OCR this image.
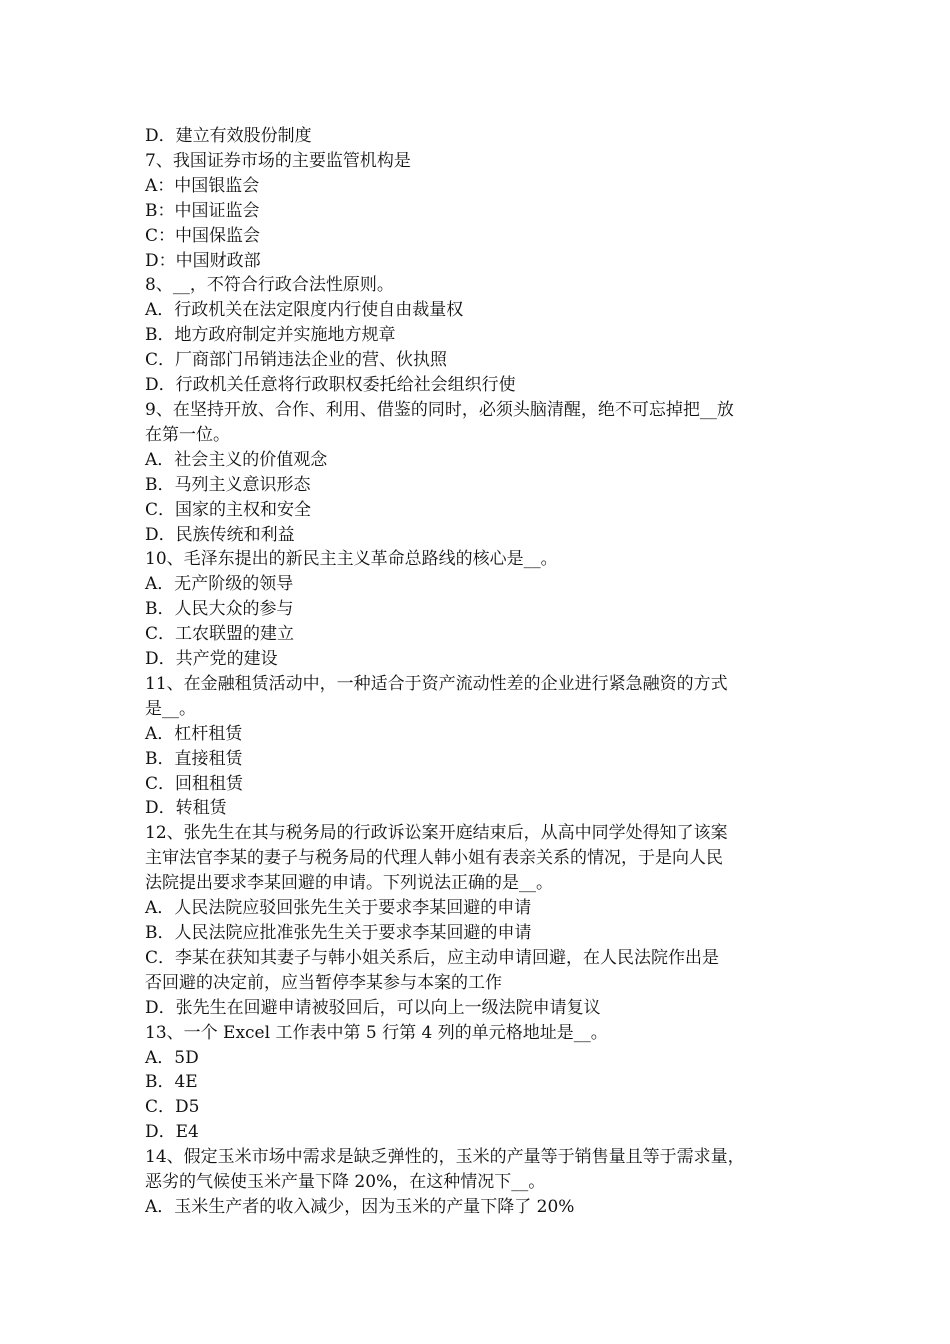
D．建立有效股份制度
7、我国证券市场的主要监管机构是
A：中国银监会
B：中国证监会
C：中国保监会
D：中国财政部
8、__，不符合行政合法性原则。
A．行政机关在法定限度内行使自由裁量权
B．地方政府制定并实施地方规章
C．厂商部门吊销违法企业的营、伙执照
D．行政机关任意将行政职权委托给社会组织行使
9、在坚持开放、合作、利用、借鉴的同时，必须头脑清醒，绝不可忘掉把__放
在第一位。
A．社会主义的价值观念
B．马列主义意识形态
C．国家的主权和安全
D．民族传统和利益
10、毛泽东提出的新民主主义革命总路线的核心是__。
A．无产阶级的领导
B．人民大众的参与
C．工农联盟的建立
D．共产党的建设
11、在金融租赁活动中，一种适合于资产流动性差的企业进行紧急融资的方式
是__。
A．杠杆租赁
B．直接租赁
C．回租租赁
D．转租赁
12、张先生在其与税务局的行政诉讼案开庭结束后，从高中同学处得知了该案
主审法官李某的妻子与税务局的代理人韩小姐有表亲关系的情况，于是向人民
法院提出要求李某回避的申请。下列说法正确的是__。
A．人民法院应驳回张先生关于要求李某回避的申请
B．人民法院应批准张先生关于要求李某回避的申请
C．李某在获知其妻子与韩小姐关系后，应主动申请回避，在人民法院作出是
否回避的决定前，应当暂停李某参与本案的工作
D．张先生在回避申请被驳回后，可以向上一级法院申请复议
13、一个 Excel 工作表中第 5 行第 4 列的单元格地址是__。
A．5D
B．4E
C．D5
D．E4
14、假定玉米市场中需求是缺乏弹性的，玉米的产量等于销售量且等于需求量，
恶劣的气候使玉米产量下降 20%，在这种情况下__。
A．玉米生产者的收入减少，因为玉米的产量下降了 20%
